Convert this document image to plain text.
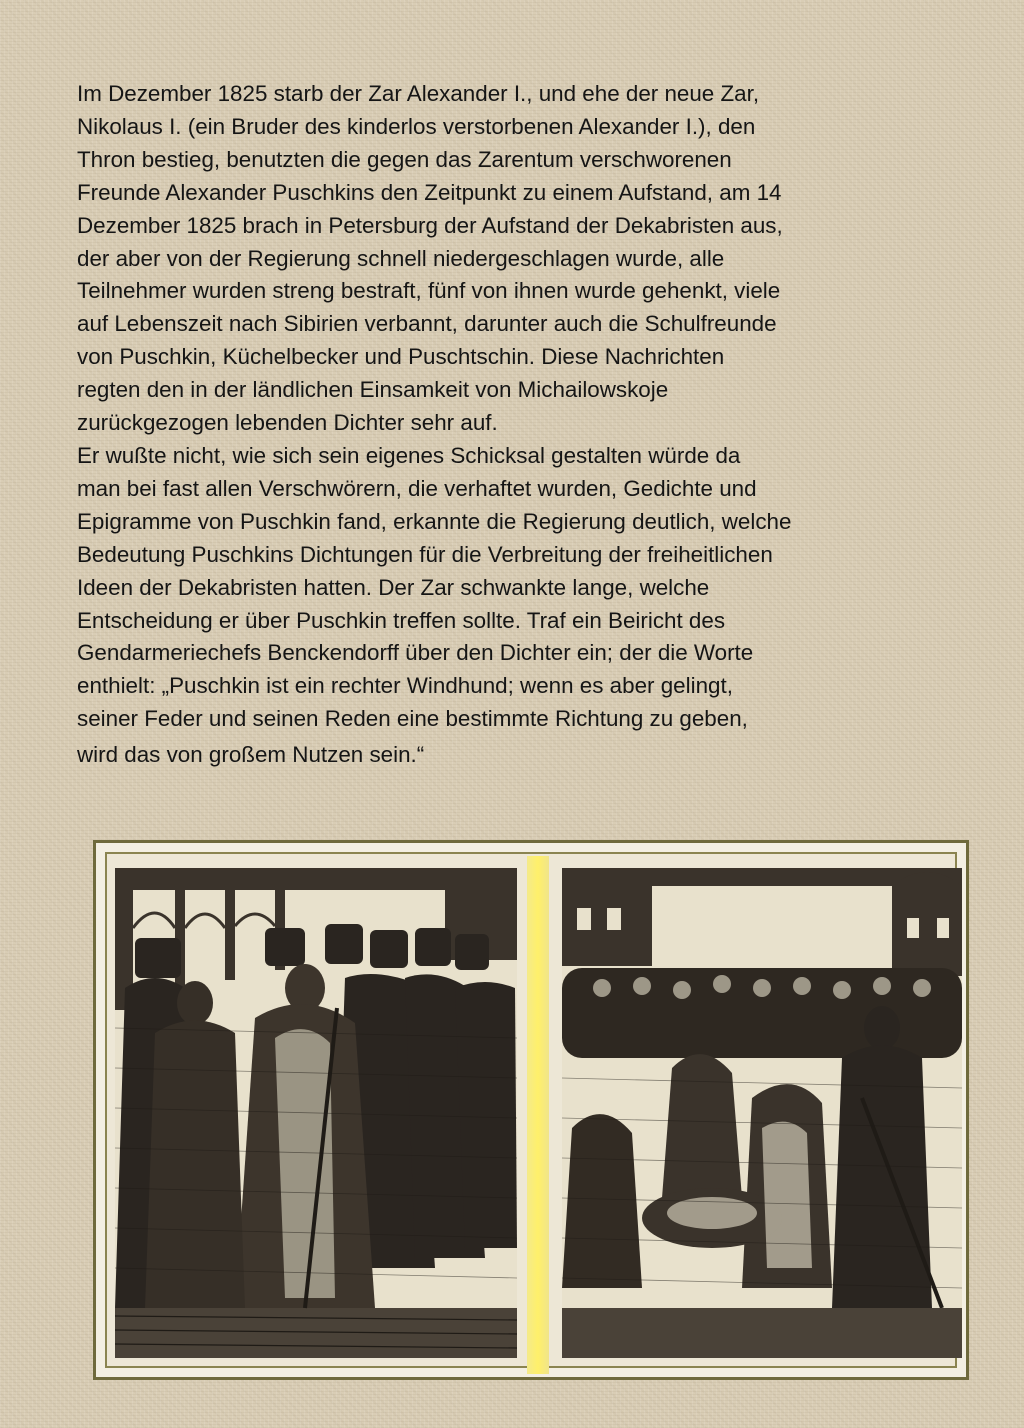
Im Dezember 1825 starb der Zar Alexander I., und ehe der neue Zar,
Nikolaus I. (ein Bruder des kinderlos verstorbenen Alexander I.), den
Thron bestieg, benutzten die gegen das Zarentum verschworenen
Freunde Alexander Puschkins den Zeitpunkt zu einem Aufstand, am 14
Dezember 1825 brach in Petersburg der Aufstand der Dekabristen aus,
der aber von der Regierung schnell niedergeschlagen wurde, alle
Teilnehmer wurden streng bestraft, fünf von ihnen wurde gehenkt, viele
auf Lebenszeit nach Sibirien verbannt, darunter auch die Schulfreunde
von Puschkin, Küchelbecker und Puschtschin. Diese Nachrichten
regten den in der ländlichen Einsamkeit von Michailowskoje
zurückgezogen lebenden Dichter sehr auf.

Er wußte nicht, wie sich sein eigenes Schicksal gestalten würde da
man bei fast allen Verschwörern, die verhaftet wurden, Gedichte und
Epigramme von Puschkin fand, erkannte die Regierung deutlich, welche
Bedeutung Puschkins Dichtungen für die Verbreitung der freiheitlichen
Ideen der Dekabristen hatten. Der Zar schwankte lange, welche
Entscheidung er über Puschkin treffen sollte. Traf ein Beiricht des
Gendarmeriechefs Benckendorff über den Dichter ein; der die Worte
enthielt: „Puschkin ist ein rechter Windhund; wenn es aber gelingt,
seiner Feder und seinen Reden eine bestimmte Richtung zu geben,

wird das von großem Nutzen sein.“
